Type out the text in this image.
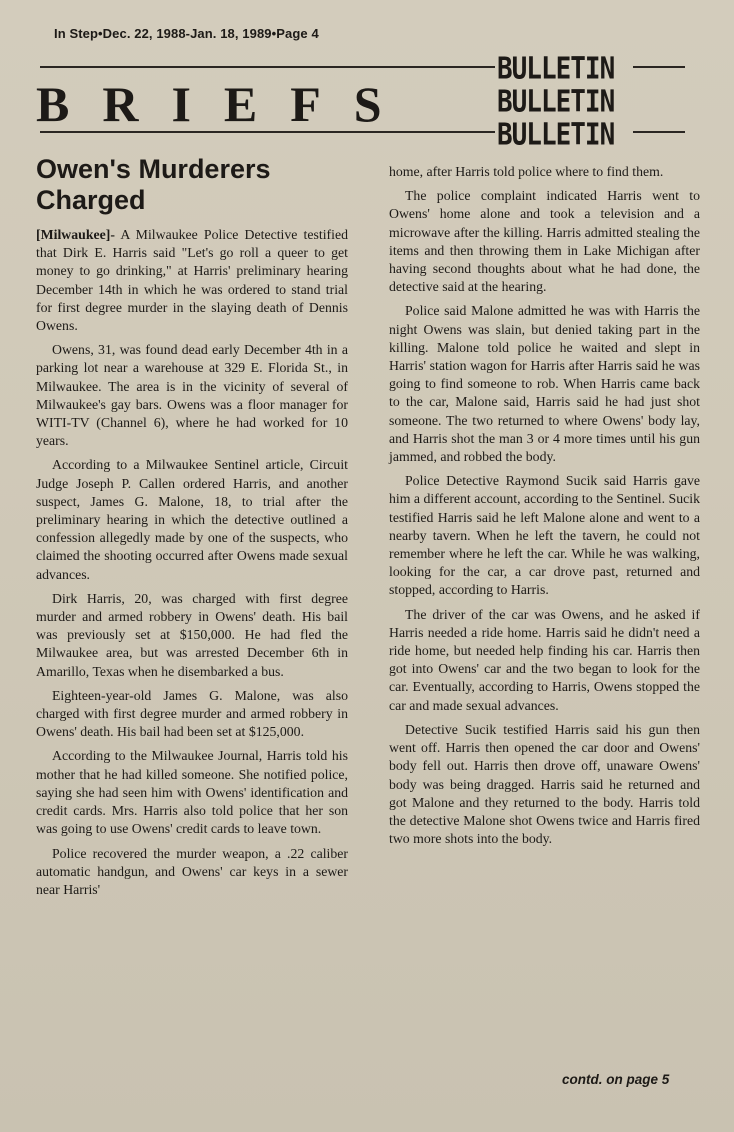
In Step•Dec. 22, 1988-Jan. 18, 1989•Page 4
BRIEFS
BULLETIN
BULLETIN
BULLETIN
Owen's Murderers Charged

[Milwaukee]- A Milwaukee Police Detective testified that Dirk E. Harris said "Let's go roll a queer to get money to go drinking," at Harris' preliminary hearing December 14th in which he was ordered to stand trial for first degree murder in the slaying death of Dennis Owens.

Owens, 31, was found dead early December 4th in a parking lot near a warehouse at 329 E. Florida St., in Milwaukee. The area is in the vicinity of several of Milwaukee's gay bars. Owens was a floor manager for WITI-TV (Channel 6), where he had worked for 10 years.

According to a Milwaukee Sentinel article, Circuit Judge Joseph P. Callen ordered Harris, and another suspect, James G. Malone, 18, to trial after the preliminary hearing in which the detective outlined a confession allegedly made by one of the suspects, who claimed the shooting occurred after Owens made sexual advances.

Dirk Harris, 20, was charged with first degree murder and armed robbery in Owens' death. His bail was previously set at $150,000. He had fled the Milwaukee area, but was arrested December 6th in Amarillo, Texas when he disembarked a bus.

Eighteen-year-old James G. Malone, was also charged with first degree murder and armed robbery in Owens' death. His bail had been set at $125,000.

According to the Milwaukee Journal, Harris told his mother that he had killed someone. She notified police, saying she had seen him with Owens' identification and credit cards. Mrs. Harris also told police that her son was going to use Owens' credit cards to leave town.

Police recovered the murder weapon, a .22 caliber automatic handgun, and Owens' car keys in a sewer near Harris'

home, after Harris told police where to find them.

The police complaint indicated Harris went to Owens' home alone and took a television and a microwave after the killing. Harris admitted stealing the items and then throwing them in Lake Michigan after having second thoughts about what he had done, the detective said at the hearing.

Police said Malone admitted he was with Harris the night Owens was slain, but denied taking part in the killing. Malone told police he waited and slept in Harris' station wagon for Harris after Harris said he was going to find someone to rob. When Harris came back to the car, Malone said, Harris said he had just shot someone. The two returned to where Owens' body lay, and Harris shot the man 3 or 4 more times until his gun jammed, and robbed the body.

Police Detective Raymond Sucik said Harris gave him a different account, according to the Sentinel. Sucik testified Harris said he left Malone alone and went to a nearby tavern. When he left the tavern, he could not remember where he left the car. While he was walking, looking for the car, a car drove past, returned and stopped, according to Harris.

The driver of the car was Owens, and he asked if Harris needed a ride home. Harris said he didn't need a ride home, but needed help finding his car. Harris then got into Owens' car and the two began to look for the car. Eventually, according to Harris, Owens stopped the car and made sexual advances.

Detective Sucik testified Harris said his gun then went off. Harris then opened the car door and Owens' body fell out. Harris then drove off, unaware Owens' body was being dragged. Harris said he returned and got Malone and they returned to the body. Harris told the detective Malone shot Owens twice and Harris fired two more shots into the body.

contd. on page 5
